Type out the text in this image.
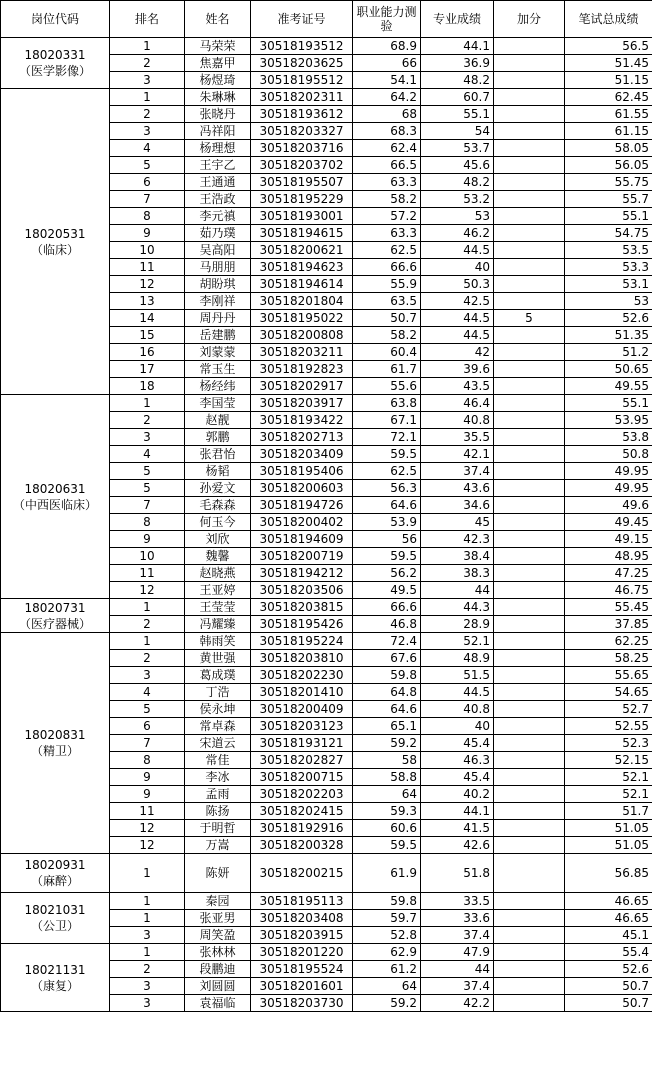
岗位代码	排名	姓名	准考证号	职业能力测验	专业成绩	加分	笔试总成绩

18020331
（医学影像）	1	马荣荣	30518193512	68.9	44.1		56.5
	2	焦嘉甲	30518203625	66	36.9		51.45
	3	杨煜琦	30518195512	54.1	48.2		51.15

18020531
（临床）	1	朱琳琳	30518202311	64.2	60.7		62.45
	2	张晓丹	30518193612	68	55.1		61.55
	3	冯祥阳	30518203327	68.3	54		61.15
	4	杨理想	30518203716	62.4	53.7		58.05
	5	王宇乙	30518203702	66.5	45.6		56.05
	6	王通通	30518195507	63.3	48.2		55.75
	7	王浩政	30518195229	58.2	53.2		55.7
	8	李元禛	30518193001	57.2	53		55.1
	9	茹乃璞	30518194615	63.3	46.2		54.75
	10	吴高阳	30518200621	62.5	44.5		53.5
	11	马朋朋	30518194623	66.6	40		53.3
	12	胡盼琪	30518194614	55.9	50.3		53.1
	13	李刚祥	30518201804	63.5	42.5		53
	14	周丹丹	30518195022	50.7	44.5	5	52.6
	15	岳建鹏	30518200808	58.2	44.5		51.35
	16	刘蒙蒙	30518203211	60.4	42		51.2
	17	常玉生	30518192823	61.7	39.6		50.65
	18	杨经纬	30518202917	55.6	43.5		49.55

18020631
（中西医临床）	1	李国莹	30518203917	63.8	46.4		55.1
	2	赵靓	30518193422	67.1	40.8		53.95
	3	郭鹏	30518202713	72.1	35.5		53.8
	4	张君怡	30518203409	59.5	42.1		50.8
	5	杨韬	30518195406	62.5	37.4		49.95
	5	孙爱文	30518200603	56.3	43.6		49.95
	7	毛森森	30518194726	64.6	34.6		49.6
	8	何玉今	30518200402	53.9	45		49.45
	9	刘欣	30518194609	56	42.3		49.15
	10	魏馨	30518200719	59.5	38.4		48.95
	11	赵晓燕	30518194212	56.2	38.3		47.25
	12	王亚婷	30518203506	49.5	44		46.75

18020731
（医疗器械）	1	王莹莹	30518203815	66.6	44.3		55.45
	2	冯耀臻	30518195426	46.8	28.9		37.85

18020831
（精卫）	1	韩雨笑	30518195224	72.4	52.1		62.25
	2	黄世强	30518203810	67.6	48.9		58.25
	3	葛成璞	30518202230	59.8	51.5		55.65
	4	丁浩	30518201410	64.8	44.5		54.65
	5	侯永坤	30518200409	64.6	40.8		52.7
	6	常卓森	30518203123	65.1	40		52.55
	7	宋道云	30518193121	59.2	45.4		52.3
	8	常佳	30518202827	58	46.3		52.15
	9	李冰	30518200715	58.8	45.4		52.1
	9	孟雨	30518202203	64	40.2		52.1
	11	陈扬	30518202415	59.3	44.1		51.7
	12	于明哲	30518192916	60.6	41.5		51.05
	12	万嵩	30518200328	59.5	42.6		51.05

18020931
（麻醉）	1	陈妍	30518200215	61.9	51.8		56.85

18021031
（公卫）	1	秦园	30518195113	59.8	33.5		46.65
	1	张亚男	30518203408	59.7	33.6		46.65
	3	周笑盈	30518203915	52.8	37.4		45.1

18021131
（康复）	1	张林林	30518201220	62.9	47.9		55.4
	2	段鹏迪	30518195524	61.2	44		52.6
	3	刘圆圆	30518201601	64	37.4		50.7
	3	袁福临	30518203730	59.2	42.2		50.7
